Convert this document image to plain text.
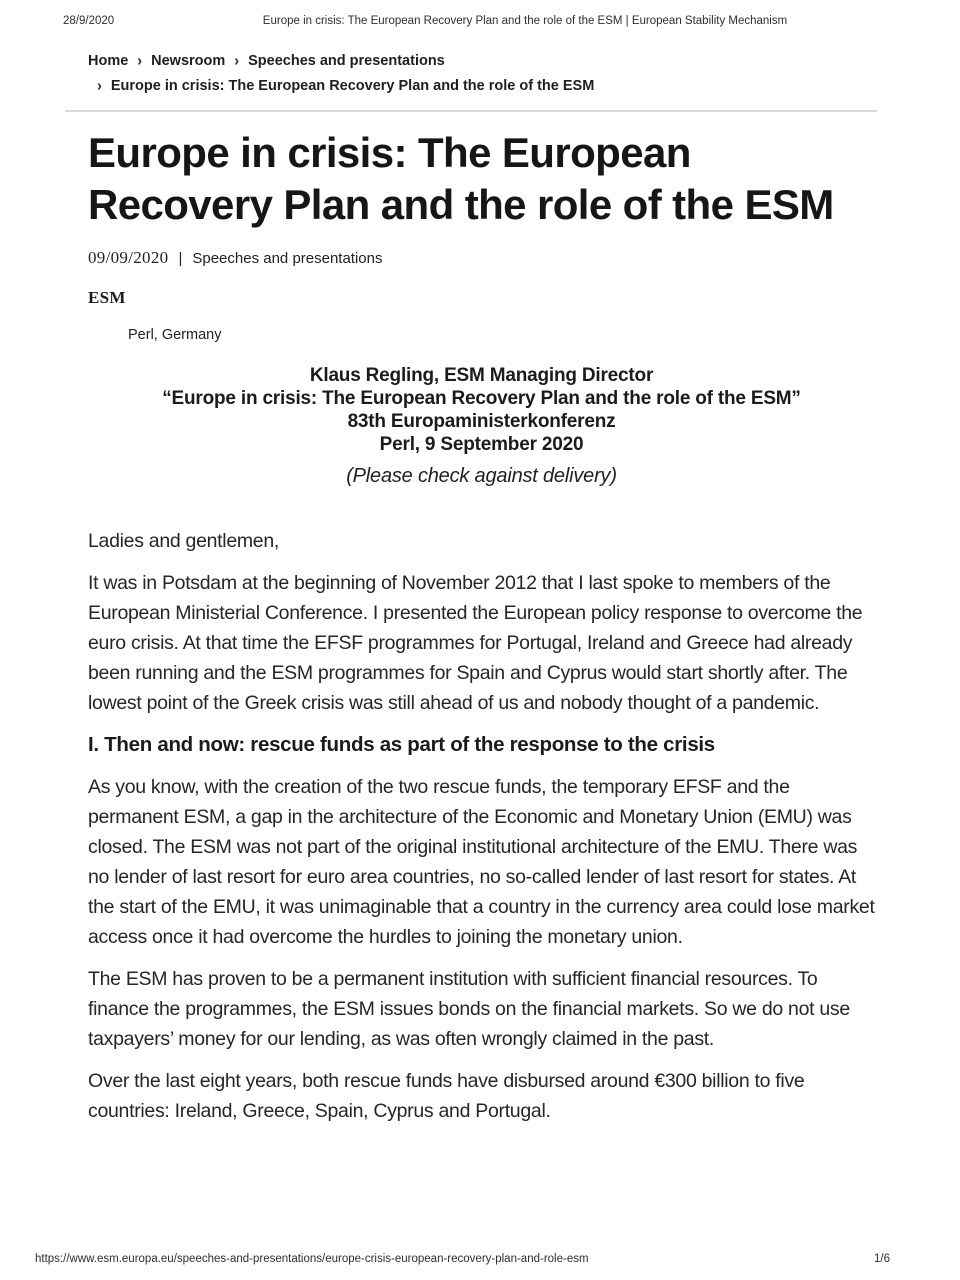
28/9/2020	Europe in crisis: The European Recovery Plan and the role of the ESM | European Stability Mechanism
Home › Newsroom › Speeches and presentations
› Europe in crisis: The European Recovery Plan and the role of the ESM
Europe in crisis: The European Recovery Plan and the role of the ESM
09/09/2020 | Speeches and presentations
ESM
Perl, Germany
Klaus Regling, ESM Managing Director
“Europe in crisis: The European Recovery Plan and the role of the ESM”
83th Europaministerkonferenz
Perl, 9 September 2020
(Please check against delivery)

Ladies and gentlemen,

It was in Potsdam at the beginning of November 2012 that I last spoke to members of the European Ministerial Conference. I presented the European policy response to overcome the euro crisis. At that time the EFSF programmes for Portugal, Ireland and Greece had already been running and the ESM programmes for Spain and Cyprus would start shortly after. The lowest point of the Greek crisis was still ahead of us and nobody thought of a pandemic.

I. Then and now: rescue funds as part of the response to the crisis

As you know, with the creation of the two rescue funds, the temporary EFSF and the permanent ESM, a gap in the architecture of the Economic and Monetary Union (EMU) was closed. The ESM was not part of the original institutional architecture of the EMU. There was no lender of last resort for euro area countries, no so-called lender of last resort for states. At the start of the EMU, it was unimaginable that a country in the currency area could lose market access once it had overcome the hurdles to joining the monetary union.

The ESM has proven to be a permanent institution with sufficient financial resources. To finance the programmes, the ESM issues bonds on the financial markets. So we do not use taxpayers’ money for our lending, as was often wrongly claimed in the past.

Over the last eight years, both rescue funds have disbursed around €300 billion to five countries: Ireland, Greece, Spain, Cyprus and Portugal.

https://www.esm.europa.eu/speeches-and-presentations/europe-crisis-european-recovery-plan-and-role-esm	1/6
